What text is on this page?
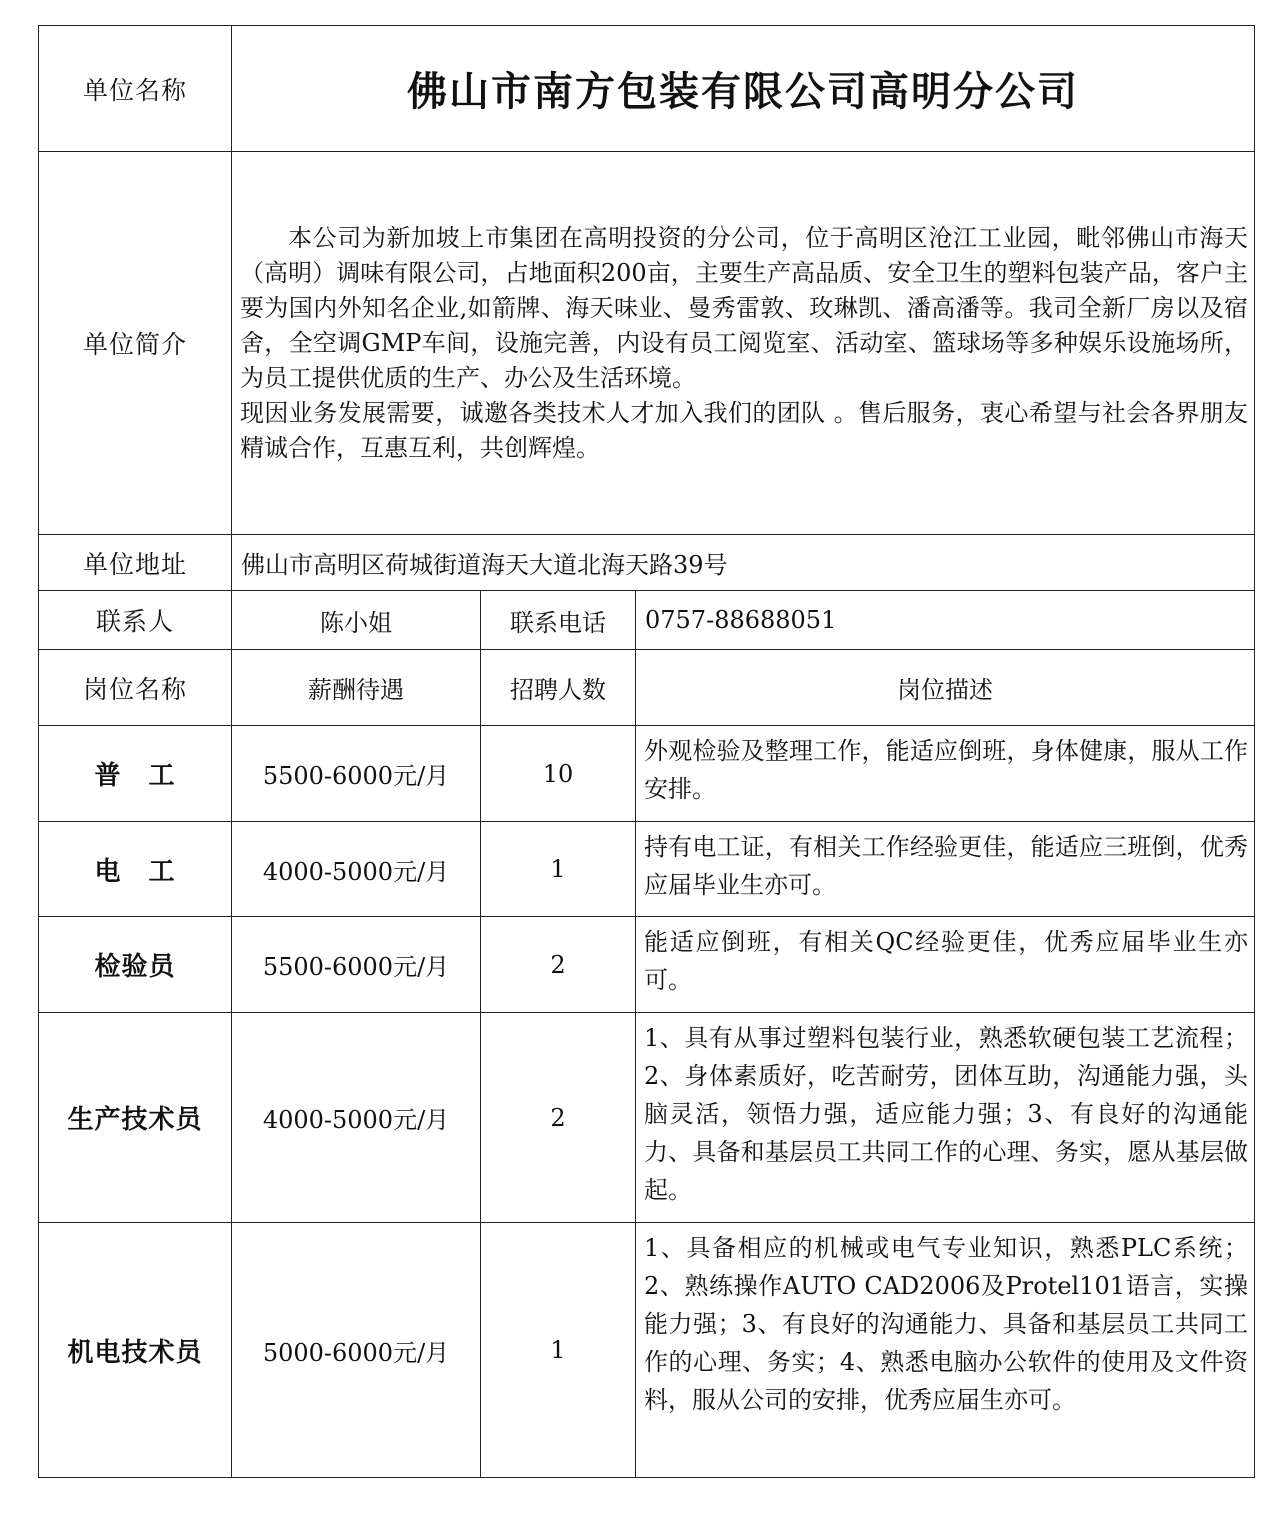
单位名称	佛山市南方包装有限公司高明分公司		
单位简介	本公司为新加坡上市集团在高明投资的分公司，位于高明区沧江工业园，毗邻佛山市海天（高明）调味有限公司，占地面积200亩，主要生产高品质、安全卫生的塑料包装产品，客户主要为国内外知名企业,如箭牌、海天味业、曼秀雷敦、玫琳凯、潘高潘等。我司全新厂房以及宿舍，全空调GMP车间，设施完善，内设有员工阅览室、活动室、篮球场等多种娱乐设施场所，为员工提供优质的生产、办公及生活环境。

现因业务发展需要，诚邀各类技术人才加入我们的团队 。售后服务，衷心希望与社会各界朋友精诚合作，互惠互利，共创辉煌。		

单位地址	佛山市高明区荷城街道海天大道北海天路39号		
联系人	陈小姐	联系电话	0757-88688051
岗位名称	薪酬待遇	招聘人数	岗位描述
普　工	5500-6000元/月	10	外观检验及整理工作，能适应倒班，身体健康，服从工作安排。
电　工	4000-5000元/月	1	持有电工证，有相关工作经验更佳，能适应三班倒，优秀应届毕业生亦可。
检验员	5500-6000元/月	2	能适应倒班，有相关QC经验更佳，优秀应届毕业生亦可。
生产技术员	4000-5000元/月	2	1、具有从事过塑料包装行业，熟悉软硬包装工艺流程；2、身体素质好，吃苦耐劳，团体互助，沟通能力强，头脑灵活，领悟力强，适应能力强；3、有良好的沟通能力、具备和基层员工共同工作的心理、务实，愿从基层做起。
机电技术员	5000-6000元/月	1	1、具备相应的机械或电气专业知识，熟悉PLC系统；2、熟练操作AUTO CAD2006及Protel101语言，实操能力强；3、有良好的沟通能力、具备和基层员工共同工作的心理、务实；4、熟悉电脑办公软件的使用及文件资料，服从公司的安排，优秀应届生亦可。
